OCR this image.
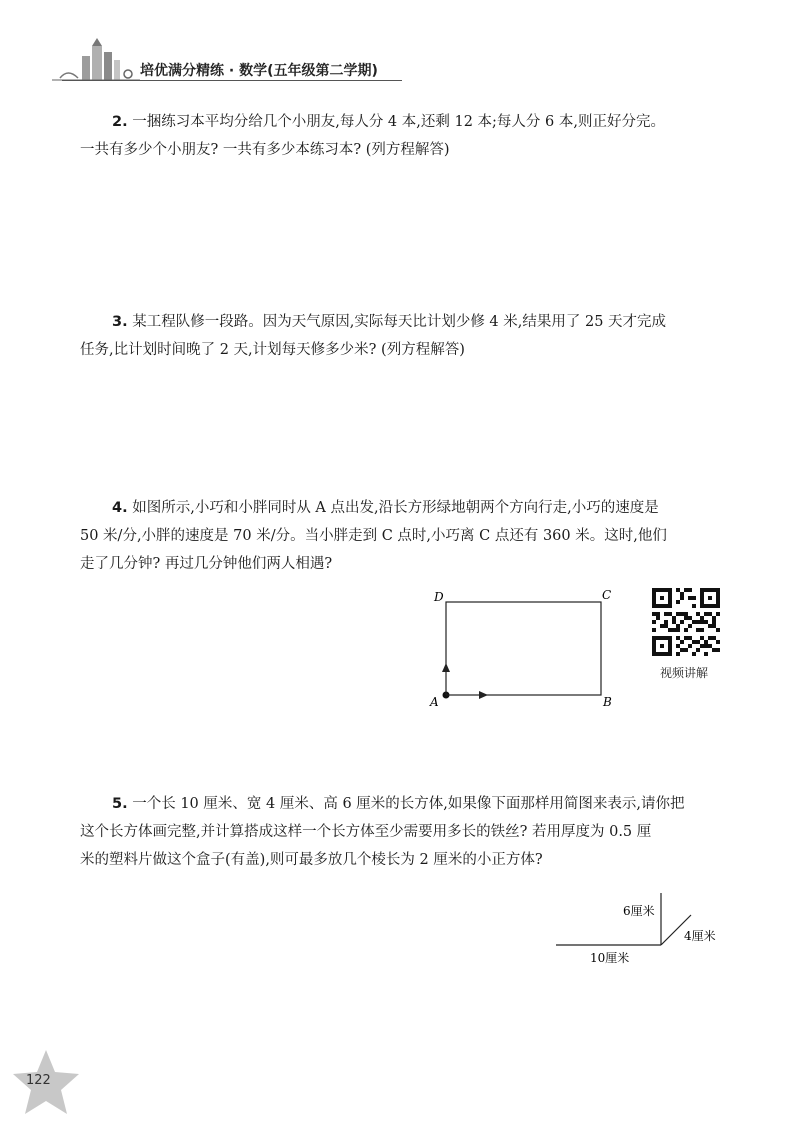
培优满分精练 · 数学(五年级第二学期)
2. 一捆练习本平均分给几个小朋友,每人分 4 本,还剩 12 本;每人分 6 本,则正好分完。
一共有多少个小朋友? 一共有多少本练习本? (列方程解答)
3. 某工程队修一段路。因为天气原因,实际每天比计划少修 4 米,结果用了 25 天才完成
任务,比计划时间晚了 2 天,计划每天修多少米? (列方程解答)
4. 如图所示,小巧和小胖同时从 A 点出发,沿长方形绿地朝两个方向行走,小巧的速度是
50 米/分,小胖的速度是 70 米/分。当小胖走到 C 点时,小巧离 C 点还有 360 米。这时,他们
走了几分钟? 再过几分钟他们两人相遇?
D	C
A	B
视频讲解
5. 一个长 10 厘米、宽 4 厘米、高 6 厘米的长方体,如果像下面那样用简图来表示,请你把
这个长方体画完整,并计算搭成这样一个长方体至少需要用多长的铁丝? 若用厚度为 0.5 厘
米的塑料片做这个盒子(有盖),则可最多放几个棱长为 2 厘米的小正方体?
6厘米
4厘米
10厘米
122
